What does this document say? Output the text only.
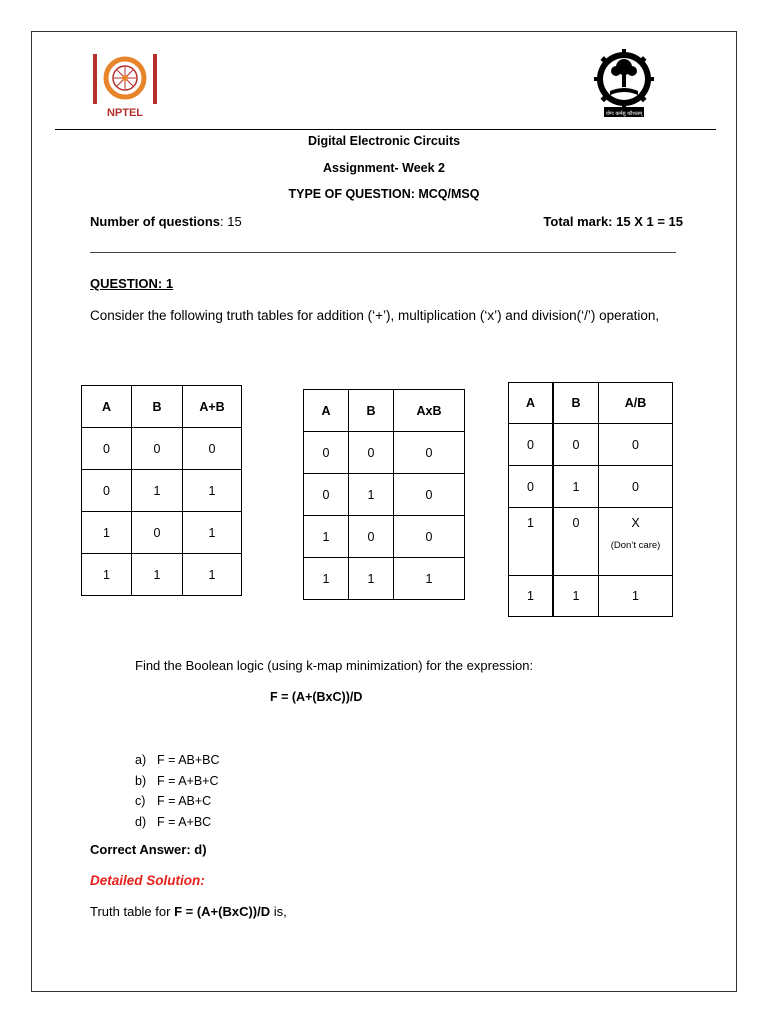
NPTEL	योगः कर्मसु कौशलम्
Digital Electronic Circuits
Assignment- Week 2
TYPE OF QUESTION: MCQ/MSQ
Number of questions: 15	Total mark: 15 X 1 = 15
QUESTION: 1
Consider the following truth tables for addition (‘+’), multiplication (‘x’) and division(‘/’) operation,
A	B	A+B
0	0	0
0	1	1
1	0	1
1	1	1
A	B	AxB
0	0	0
0	1	0
1	0	0
1	1	1
A	B	A/B
0	0	0
0	1	0
1	0	X
(Don’t care)

1	1	1
Find the Boolean logic (using k-map minimization) for the expression:
F = (A+(BxC))/D
a) F = AB+BC
b) F = A+B+C
c) F = AB+C
d) F = A+BC
Correct Answer: d)
Detailed Solution:
Truth table for F = (A+(BxC))/D is,
